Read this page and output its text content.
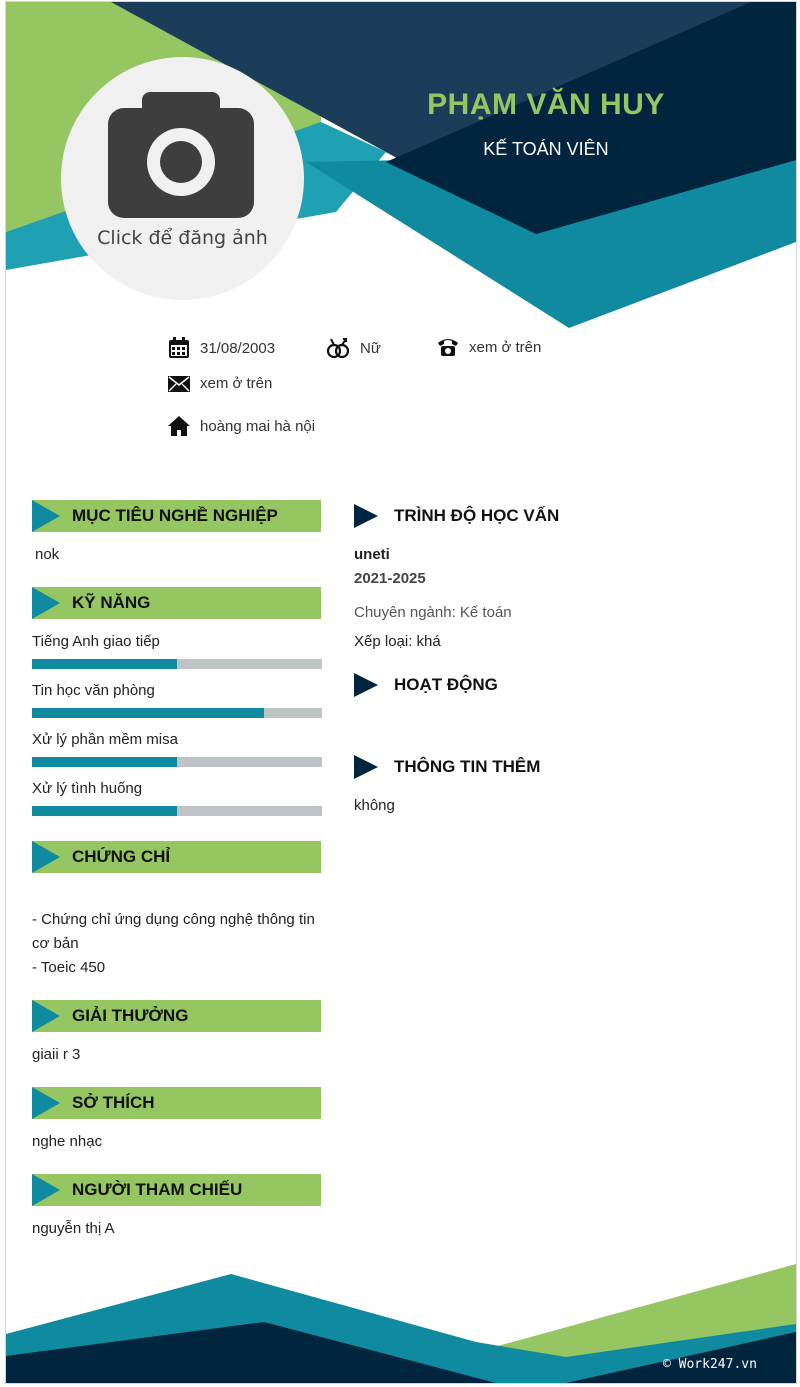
Click để đăng ảnh
PHẠM VĂN HUY
KẾ TOÁN VIÊN
31/08/2003	Nữ	xem ở trên
xem ở trên
hoàng mai hà nội
MỤC TIÊU NGHỀ NGHIỆP
nok
KỸ NĂNG
Tiếng Anh giao tiếp
Tin học văn phòng
Xử lý phần mềm misa
Xử lý tình huống
CHỨNG CHỈ
- Chứng chỉ ứng dụng công nghệ thông tin
cơ bản
- Toeic 450
GIẢI THƯỞNG
giaii r 3
SỞ THÍCH
nghe nhạc
NGƯỜI THAM CHIẾU
nguyễn thị A
TRÌNH ĐỘ HỌC VẤN
uneti
2021-2025
Chuyên ngành: Kế toán
Xếp loại: khá
HOẠT ĐỘNG
THÔNG TIN THÊM
không
© Work247.vn
